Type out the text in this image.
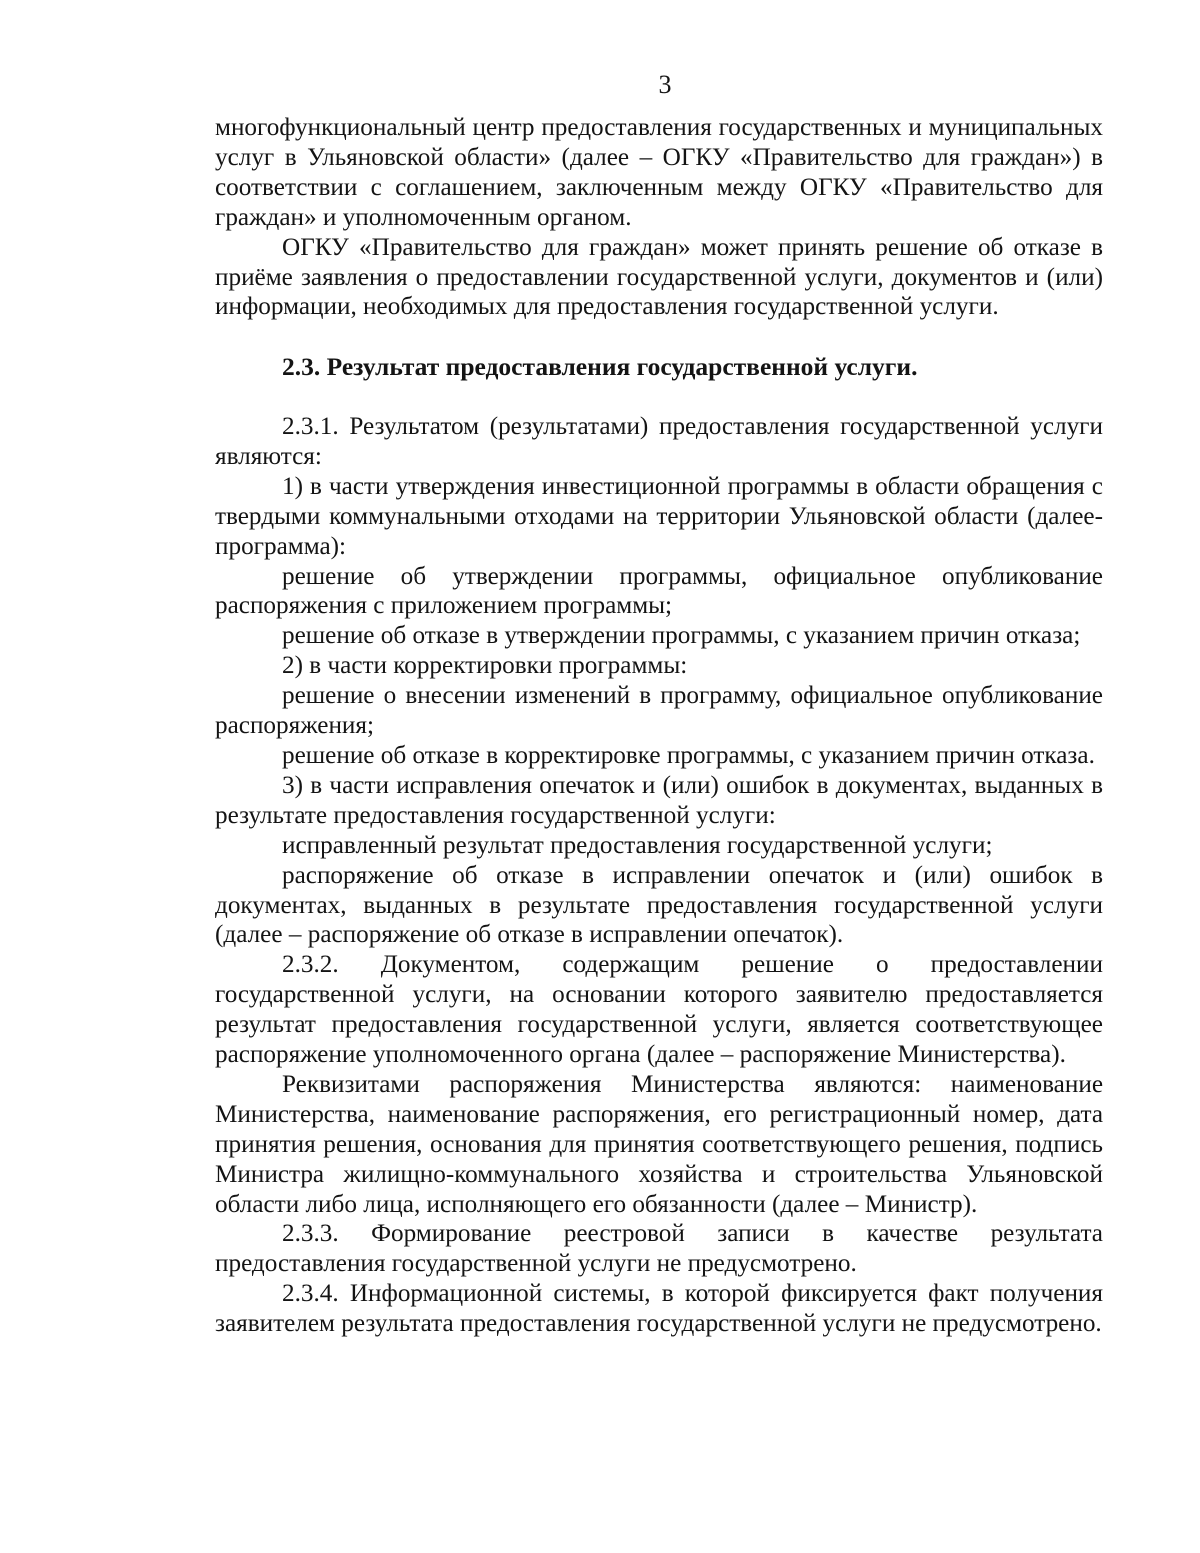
3

многофункциональный центр предоставления государственных и муниципальных услуг в Ульяновской области» (далее – ОГКУ «Правительство для граждан») в соответствии с соглашением, заключенным между ОГКУ «Правительство для граждан» и уполномоченным органом.

ОГКУ «Правительство для граждан» может принять решение об отказе в приёме заявления о предоставлении государственной услуги, документов и (или) информации, необходимых для предоставления государственной услуги.

2.3. Результат предоставления государственной услуги.

2.3.1. Результатом (результатами) предоставления государственной услуги являются:

1) в части утверждения инвестиционной программы в области обращения с твердыми коммунальными отходами на территории Ульяновской области (далее-программа):

решение об утверждении программы, официальное опубликование распоряжения с приложением программы;

решение об отказе в утверждении программы, с указанием причин отказа;

2) в части корректировки программы:

решение о внесении изменений в программу, официальное опубликование распоряжения;

решение об отказе в корректировке программы, с указанием причин отказа.

3) в части исправления опечаток и (или) ошибок в документах, выданных в результате предоставления государственной услуги:

исправленный результат предоставления государственной услуги;

распоряжение об отказе в исправлении опечаток и (или) ошибок в документах, выданных в результате предоставления государственной услуги (далее – распоряжение об отказе в исправлении опечаток).

2.3.2. Документом, содержащим решение о предоставлении государственной услуги, на основании которого заявителю предоставляется результат предоставления государственной услуги, является соответствующее распоряжение уполномоченного органа (далее – распоряжение Министерства).

Реквизитами распоряжения Министерства являются: наименование Министерства, наименование распоряжения, его регистрационный номер, дата принятия решения, основания для принятия соответствующего решения, подпись Министра жилищно-коммунального хозяйства и строительства Ульяновской области либо лица, исполняющего его обязанности (далее – Министр).

2.3.3. Формирование реестровой записи в качестве результата предоставления государственной услуги не предусмотрено.

2.3.4. Информационной системы, в которой фиксируется факт получения заявителем результата предоставления государственной услуги не предусмотрено.
